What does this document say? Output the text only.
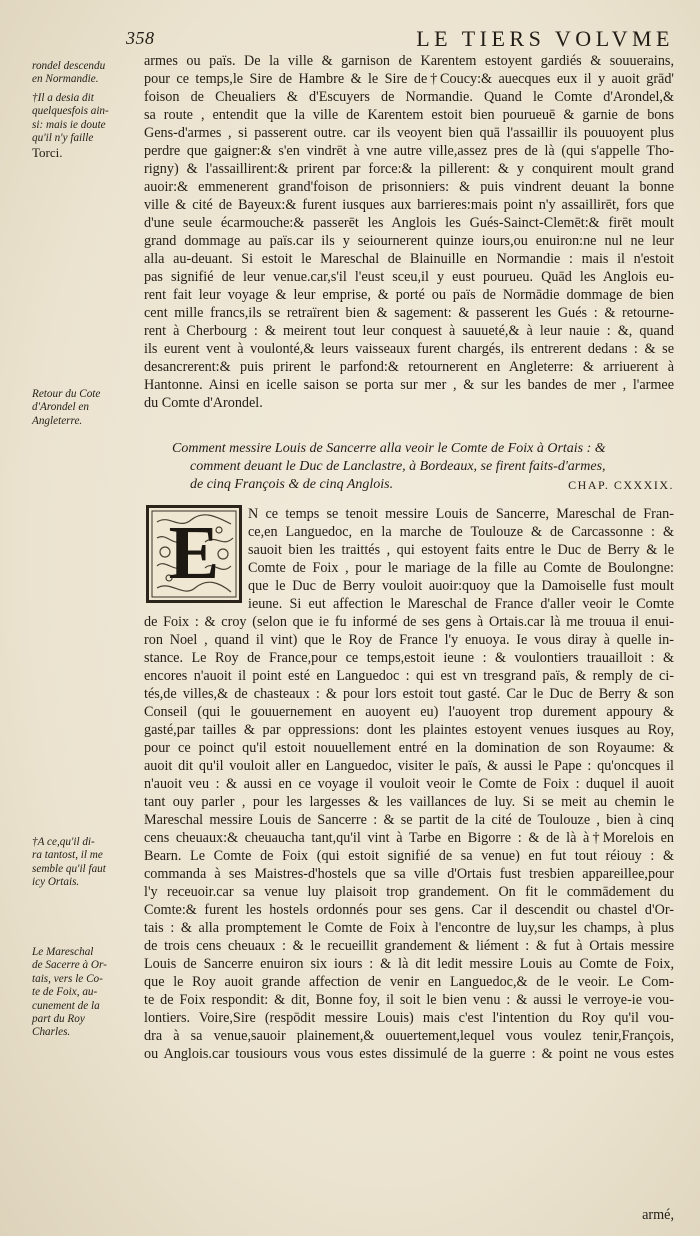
358	LE TIERS VOLVME
rondel descendu
en Normandie.
†Il a desia dit
quelquesfois ain-
si: mais ie doute
qu'il n'y faille
Torci.
Retour du Cote
d'Arondel en
Angleterre.
†A ce,qu'il di-
ra tantost, il me
semble qu'il faut
icy Ortais.
Le Mareschal
de Sacerre à Or-
tais, vers le Co-
te de Foix, au-
cunement de la
part du Roy
Charles.
armes ou païs. De la ville & garnison de Karentem estoyent gardiés & souuerains,
pour ce temps,le Sire de Hambre & le Sire de†Coucy:& auecques eux il y auoit grād'
foison de Cheualiers & d'Escuyers de Normandie. Quand le Comte d'Arondel,&
sa route , entendit que la ville de Karentem estoit bien pourueuē & garnie de bons
Gens-d'armes , si passerent outre. car ils veoyent bien quā l'assaillir ils pouuoyent plus
perdre que gaigner:& s'en vindrēt à vne autre ville,assez pres de là (qui s'appelle Tho-
rigny) & l'assaillirent:& prirent par force:& la pillerent: & y conquirent moult grand
auoir:& emmenerent grand'foison de prisonniers: & puis vindrent deuant la bonne
ville & cité de Bayeux:& furent iusques aux barrieres:mais point n'y assaillirēt, fors que
d'une seule écarmouche:& passerēt les Anglois les Gués-Sainct-Clemēt:& firēt moult
grand dommage au païs.car ils y seiournerent quinze iours,ou enuiron:ne nul ne leur
alla au-deuant. Si estoit le Mareschal de Blainuille en Normandie : mais il n'estoit
pas signifié de leur venue.car,s'il l'eust sceu,il y eust pourueu. Quād les Anglois eu-
rent fait leur voyage & leur emprise, & porté ou païs de Normādie dommage de bien
cent mille francs,ils se retraïrent bien & sagement: & passerent les Gués : & retourne-
rent à Cherbourg : & meirent tout leur conquest à sauueté,& à leur nauie : &, quand
ils eurent vent à voulonté,& leurs vaisseaux furent chargés, ils entrerent dedans : & se
desancrerent:& puis prirent le parfond:& retournerent en Angleterre: & arriuerent à
Hantonne. Ainsi en icelle saison se porta sur mer , & sur les bandes de mer , l'armee
du Comte d'Arondel.
Comment messire Louis de Sancerre alla veoir le Comte de Foix à Ortais : &
comment deuant le Duc de Lanclastre, à Bordeaux, se firent faits-d'armes,
de cinq François & de cinq Anglois.	CHAP. CXXXIX.
E	N ce temps se tenoit messire Louis de Sancerre, Mareschal de Fran-
ce,en Languedoc, en la marche de Toulouze & de Carcassonne : &
sauoit bien les traittés , qui estoyent faits entre le Duc de Berry & le
Comte de Foix , pour le mariage de la fille au Comte de Boulongne:
que le Duc de Berry vouloit auoir:quoy que la Damoiselle fust moult
ieune. Si eut affection le Mareschal de France d'aller veoir le Comte
de Foix : & croy (selon que ie fu informé de ses gens à Ortais.car là me trouua il enui-
ron Noel , quand il vint) que le Roy de France l'y enuoya. Ie vous diray à quelle in-
stance. Le Roy de France,pour ce temps,estoit ieune : & voulontiers trauailloit : &
encores n'auoit il point esté en Languedoc : qui est vn tresgrand païs, & remply de ci-
tés,de villes,& de chasteaux : & pour lors estoit tout gasté. Car le Duc de Berry & son
Conseil (qui le gouuernement en auoyent eu) l'auoyent trop durement appoury &
gasté,par tailles & par oppressions: dont les plaintes estoyent venues iusques au Roy,
pour ce poinct qu'il estoit nouuellement entré en la domination de son Royaume: &
auoit dit qu'il vouloit aller en Languedoc, visiter le païs, & aussi le Pape : qu'oncques il
n'auoit veu : & aussi en ce voyage il vouloit veoir le Comte de Foix : duquel il auoit
tant ouy parler , pour les largesses & les vaillances de luy. Si se meit au chemin le
Mareschal messire Louis de Sancerre : & se partit de la cité de Toulouze , bien à cinq
cens cheuaux:& cheuaucha tant,qu'il vint à Tarbe en Bigorre : & de là à†Morelois en
Bearn. Le Comte de Foix (qui estoit signifié de sa venue) en fut tout réiouy : &
commanda à ses Maistres-d'hostels que sa ville d'Ortais fust tresbien appareillee,pour
l'y receuoir.car sa venue luy plaisoit trop grandement. On fit le commādement du
Comte:& furent les hostels ordonnés pour ses gens. Car il descendit ou chastel d'Or-
tais : & alla promptement le Comte de Foix à l'encontre de luy,sur les champs, à plus
de trois cens cheuaux : & le recueillit grandement & liément : & fut à Ortais messire
Louis de Sancerre enuiron six iours : & là dit ledit messire Louis au Comte de Foix,
que le Roy auoit grande affection de venir en Languedoc,& de le veoir. Le Com-
te de Foix respondit: & dit, Bonne foy, il soit le bien venu : & aussi le verroye-ie vou-
lontiers. Voire,Sire (respōdit messire Louis) mais c'est l'intention du Roy qu'il vou-
dra à sa venue,sauoir plainement,& ouuertement,lequel vous voulez tenir,François,
ou Anglois.car tousiours vous vous estes dissimulé de la guerre : & point ne vous estes
armé,
